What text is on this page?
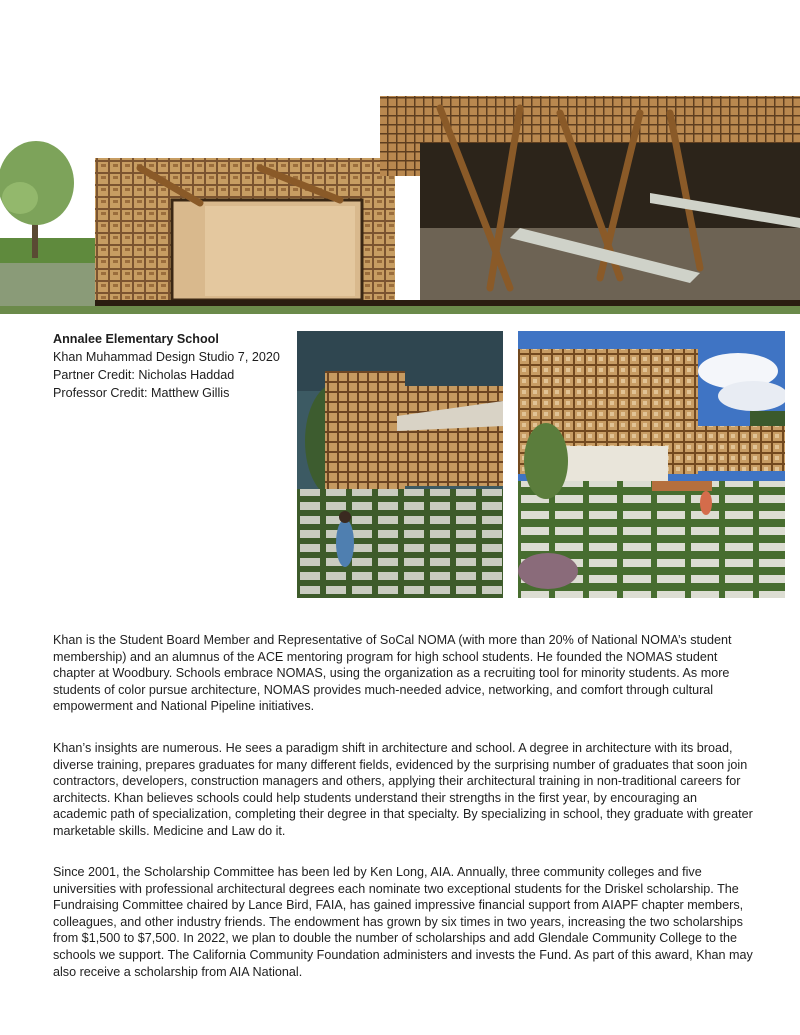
Annalee Elementary School
Khan Muhammad Design Studio 7, 2020
Partner Credit: Nicholas Haddad
Professor Credit: Matthew Gillis

Khan is the Student Board Member and Representative of SoCal NOMA (with more than 20% of National NOMA’s student membership) and an alumnus of the ACE mentoring program for high school students. He founded the NOMAS student chapter at Woodbury. Schools embrace NOMAS, using the organization as a recruiting tool for minority students. As more students of color pursue architecture, NOMAS provides much-needed advice, networking, and comfort through cultural empowerment and National Pipeline initiatives.

Khan’s insights are numerous. He sees a paradigm shift in architecture and school. A degree in architecture with its broad, diverse training, prepares graduates for many different fields, evidenced by the surprising number of graduates that soon join contractors, developers, construction managers and others, applying their architectural training in non-traditional careers for architects. Khan believes schools could help students understand their strengths in the first year, by encouraging an academic path of specialization, completing their degree in that specialty. By specializing in school, they graduate with greater marketable skills. Medicine and Law do it.

Since 2001, the Scholarship Committee has been led by Ken Long, AIA. Annually, three community colleges and five universities with professional architectural degrees each nominate two exceptional students for the Driskel scholarship. The Fundraising Committee chaired by Lance Bird, FAIA, has gained impressive financial support from AIAPF chapter members, colleagues, and other industry friends. The endowment has grown by six times in two years, increasing the two scholarships from $1,500 to $7,500. In 2022, we plan to double the number of scholarships and add Glendale Community College to the schools we support. The California Community Foundation administers and invests the Fund. As part of this award, Khan may also receive a scholarship from AIA National.
